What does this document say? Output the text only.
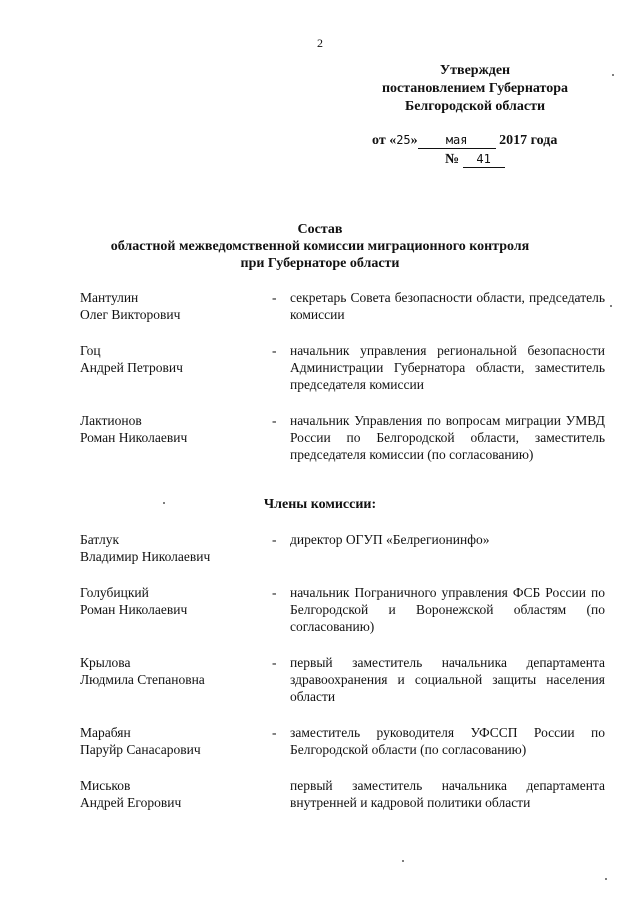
2
Утвержден
постановлением Губернатора
Белгородской области
от «25» мая 2017 года
№ 41
Состав
областной межведомственной комиссии миграционного контроля
при Губернаторе области
Мантулин
Олег Викторович
- секретарь Совета безопасности области, председатель комиссии
Гоц
Андрей Петрович
- начальник управления региональной безопасности Администрации Губернатора области, заместитель председателя комиссии
Лактионов
Роман Николаевич
- начальник Управления по вопросам миграции УМВД России по Белгородской области, заместитель председателя комиссии (по согласованию)
Члены комиссии:
Батлук
Владимир Николаевич
- директор ОГУП «Белрегионинфо»
Голубицкий
Роман Николаевич
- начальник Пограничного управления ФСБ России по Белгородской и Воронежской областям (по согласованию)
Крылова
Людмила Степановна
- первый заместитель начальника департамента здравоохранения и социальной защиты населения области
Марабян
Паруйр Санасарович
- заместитель руководителя УФССП России по Белгородской области (по согласованию)
Миськов
Андрей Егорович
первый заместитель начальника департамента внутренней и кадровой политики области
